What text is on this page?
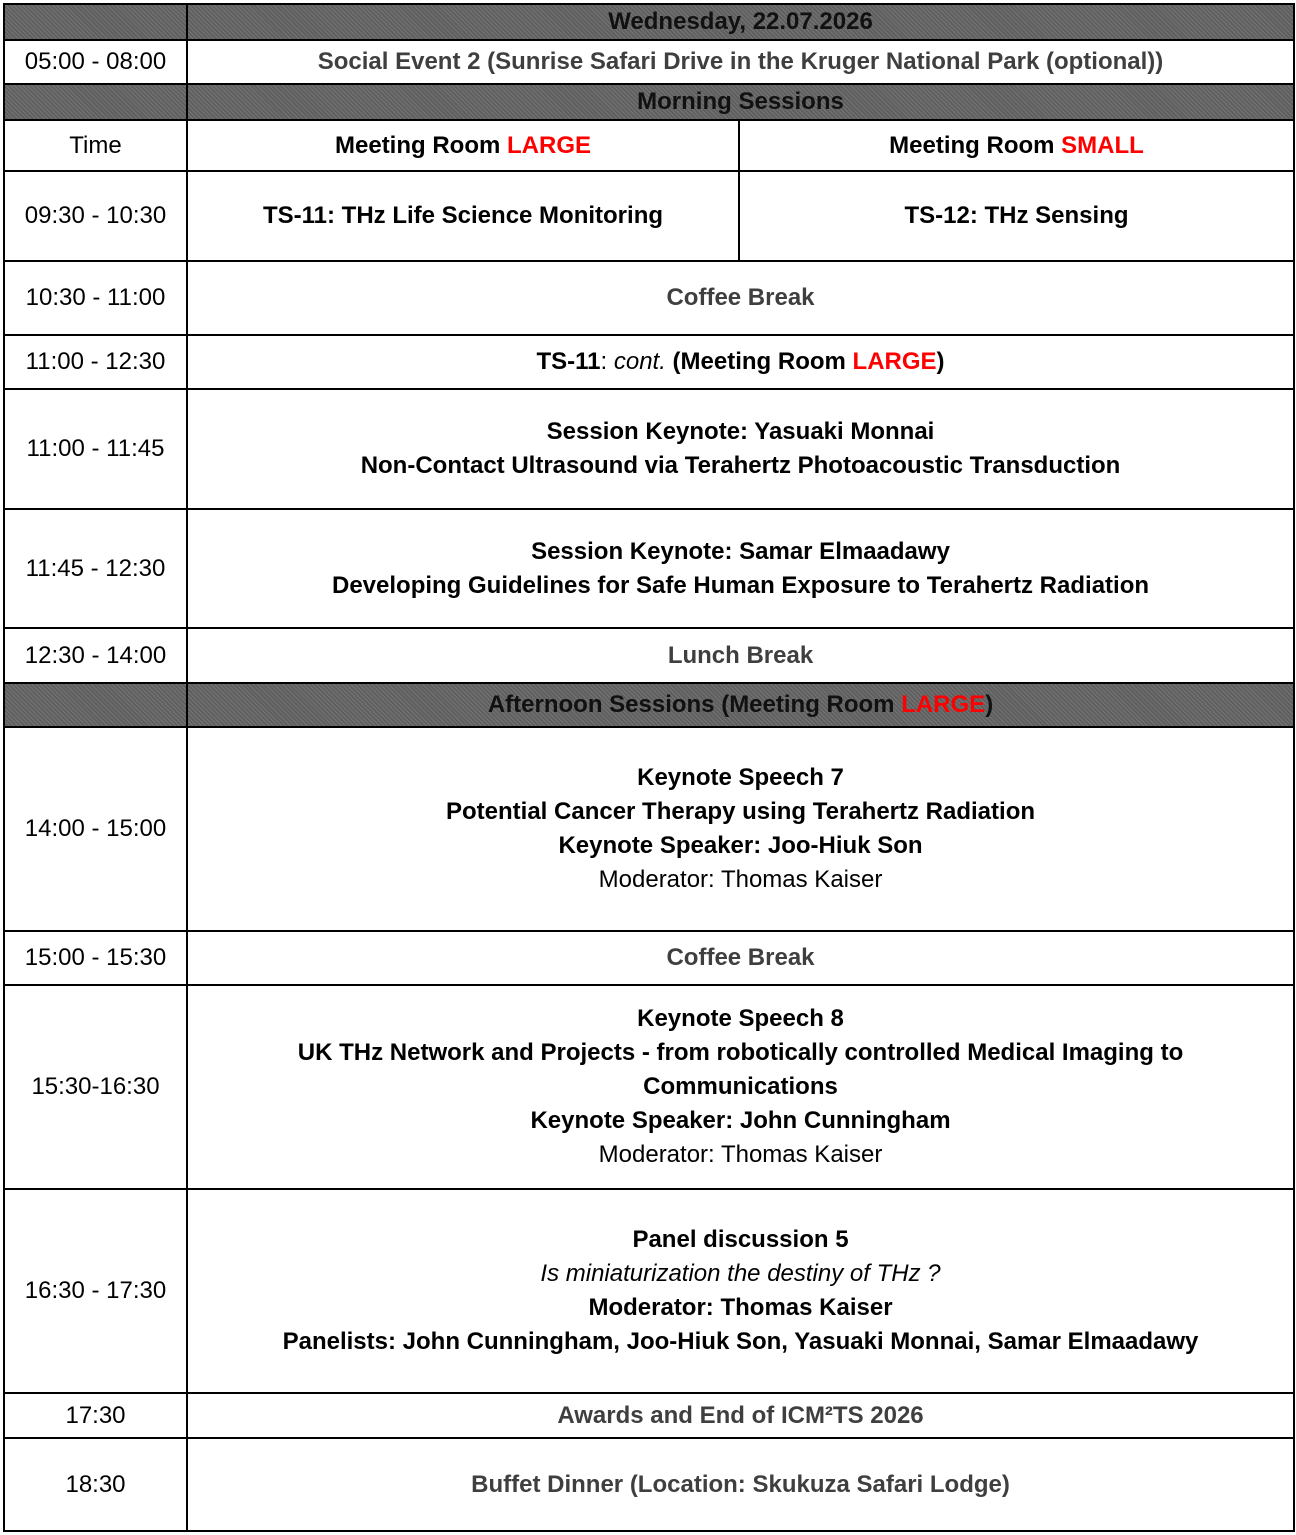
	Wednesday, 22.07.2026	
05:00 - 08:00	Social Event 2 (Sunrise Safari Drive in the Kruger National Park (optional))	
	Morning Sessions	
Time	Meeting Room LARGE	Meeting Room SMALL
09:30 - 10:30	TS-11: THz Life Science Monitoring	TS-12: THz Sensing
10:30 - 11:00	Coffee Break	
11:00 - 12:30	TS-11: cont. (Meeting Room LARGE)	
11:00 - 11:45	Session Keynote: Yasuaki Monnai
Non-Contact Ultrasound via Terahertz Photoacoustic Transduction	

11:45 - 12:30	Session Keynote: Samar Elmaadawy
Developing Guidelines for Safe Human Exposure to Terahertz Radiation	

12:30 - 14:00	Lunch Break	
	Afternoon Sessions (Meeting Room LARGE)	
14:00 - 15:00	Keynote Speech 7
Potential Cancer Therapy using Terahertz Radiation
Keynote Speaker: Joo-Hiuk Son
Moderator: Thomas Kaiser	

15:00 - 15:30	Coffee Break	
15:30-16:30	Keynote Speech 8
UK THz Network and Projects - from robotically controlled Medical Imaging to
Communications
Keynote Speaker: John Cunningham
Moderator: Thomas Kaiser	

16:30 - 17:30	Panel discussion 5
Is miniaturization the destiny of THz ?
Moderator: Thomas Kaiser
Panelists: John Cunningham, Joo-Hiuk Son, Yasuaki Monnai, Samar Elmaadawy	

17:30	Awards and End of ICM²TS 2026	
18:30	Buffet Dinner (Location: Skukuza Safari Lodge)	
